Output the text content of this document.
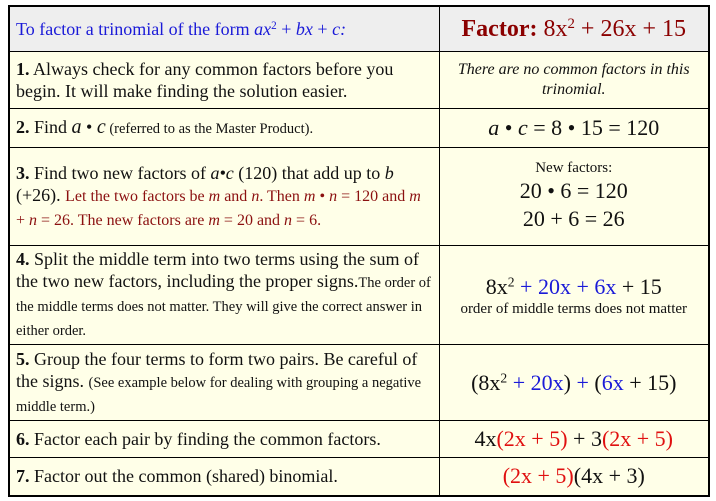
To factor a trinomial of the form $ax^2$ + bx + c:	Factor: $8x^2 + 26x + 15$
1. Always check for any common factors before you begin. It will make finding the solution easier.	There are no common factors in this trinomial.
2. Find a • c (referred to as the Master Product).	a • c = 8 • 15 = 120
3. Find two new factors of a•c (120) that add up to b (+26). Let the two factors be m and n. Then m • n = 120 and m + n = 26. The new factors are m = 20 and n = 6.	New factors:
20 • 6 = 120
20 + 6 = 26

4. Split the middle term into two terms using the sum of the two new factors, including the proper signs.The order of the middle terms does not matter. They will give the correct answer in either order.	$8x^2 + 20x + 6x + 15$
order of middle terms does not matter

5. Group the four terms to form two pairs. Be careful of the signs. (See example below for dealing with grouping a negative middle term.)	$(8x^2 + 20x) + (6x + 15)$
6. Factor each pair by finding the common factors.	4x(2x + 5) + 3(2x + 5)
7. Factor out the common (shared) binomial.	(2x + 5)(4x + 3)
